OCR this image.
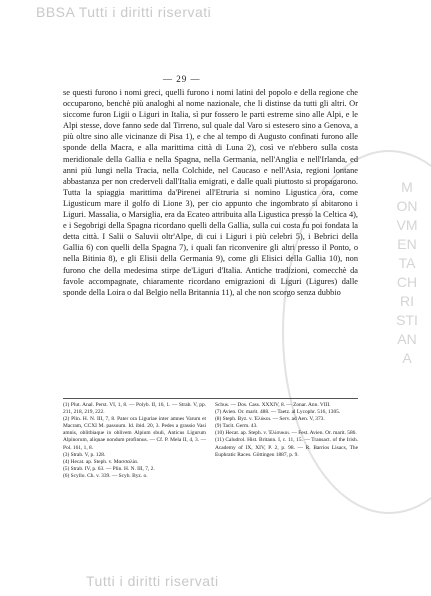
BBSA Tutti i diritti riservati
MONVMENTA CHRISTIANA
— 29 —

se questi furono i nomi greci, quelli furono i nomi latini del popolo e della regione che occuparono, benchè più analoghi al nome nazionale, che li distinse da tutti gli altri. Or siccome furon Ligii o Liguri in Italia, sì pur fossero le parti estreme sino alle Alpi, e le Alpi stesse, dove fanno sede dal Tirreno, sul quale dal Varo si estesero sino a Genova, a più oltre sino alle vicinanze di Pisa 1), e che al tempo di Augusto confinati furono alle sponde della Macra, e alla marittima città di Luna 2), così ve n'ebbero sulla costa meridionale della Gallia e nella Spagna, nella Germania, nell'Anglia e nell'Irlanda, ed anni più lungi nella Tracia, nella Colchide, nel Caucaso e nell'Asia, regioni lontane abbastanza per non crederveli dall'Italia emigrati, e dalle quali piuttosto si propagarono. Tutta la spiaggia marittima da'Pirenei all'Etruria si nomino Ligustica ora, come Ligusticum mare il golfo di Lione 3), per cio appunto che ingombrato si abitarono i Liguri. Massalia, o Marsiglia, era da Ecateo attribuita alla Ligustica presso la Celtica 4), e i Segobrigi della Spagna ricordano quelli della Gallia, sulla cui costa fu poi fondata la detta città. I Salii o Saluvii oltr'Alpe, di cui i Liguri i più celebri 5), i Bebrici della Gallia 6) con quelli della Spagna 7), i quali fan riconvenire gli altri presso il Ponto, o nella Bitinia 8), e gli Elisii della Germania 9), come gli Elisici della Gallia 10), non furono che della medesima stirpe de'Liguri d'Italia. Antiche tradizioni, comecchè da favole accompagnate, chiaramente ricordano emigrazioni di Liguri (Ligures) dalle sponde della Loira o dal Belgio nella Britannia 11), al che non scorgo senza dubbio

(1) Plut. Anal. Perst. VI, 1, 8. — Polyb. II, 16, 1. — Strab. V, pp. 211, 218, 219, 222.

(2) Plin. H. N. III, 7, 8. Pater ora Liguriae inter amnes Varum et Macram, CCXI M. passuum. Id. ibid. 20, 3. Pedes a grassio Vasi amnis, oblitbiaque in oblivem Alpium sbuli, Anticus Ligurum Alpinorum, aliquae nondum profinnus. — Cf. P. Mela II, 4, 3. — Pol. 161, 1, 8.

(3) Strab. V, p. 128.

(4) Hecat. ap. Steph. v. Μασσαλία.

(5) Strab. IV, p. 63. — Plin. H. N. III, 7, 2.

(6) Scyllo. Ch. v. 339. — Scyb. Byz. o.

Schus. — Dos. Cass. XXXIV, 8. — Zonar. Ann. VIII.

(7) Avien. Or. marit. 488. — Taetz. al Lycophr. 516, 1305.

(8) Steph. Byz. v. Ἑλύκοι. — Serv. ad Aen. V, 373.

(9) Tacit. Germ. 43.

(10) Hecat. ap. Steph. v. Ἑλίσυκοι. — Fest. Avien. Or. marit. 586.

(11) Caludrol. Hist. Britann. I, c. 11, 15. — Transact. of the Irish. Academy of IX, XIV, P. 2, p. 98. — R. Barrios Lisacs, The Euphratic Races. Göttingen 1887, p. 9.

Tutti i diritti riservati
